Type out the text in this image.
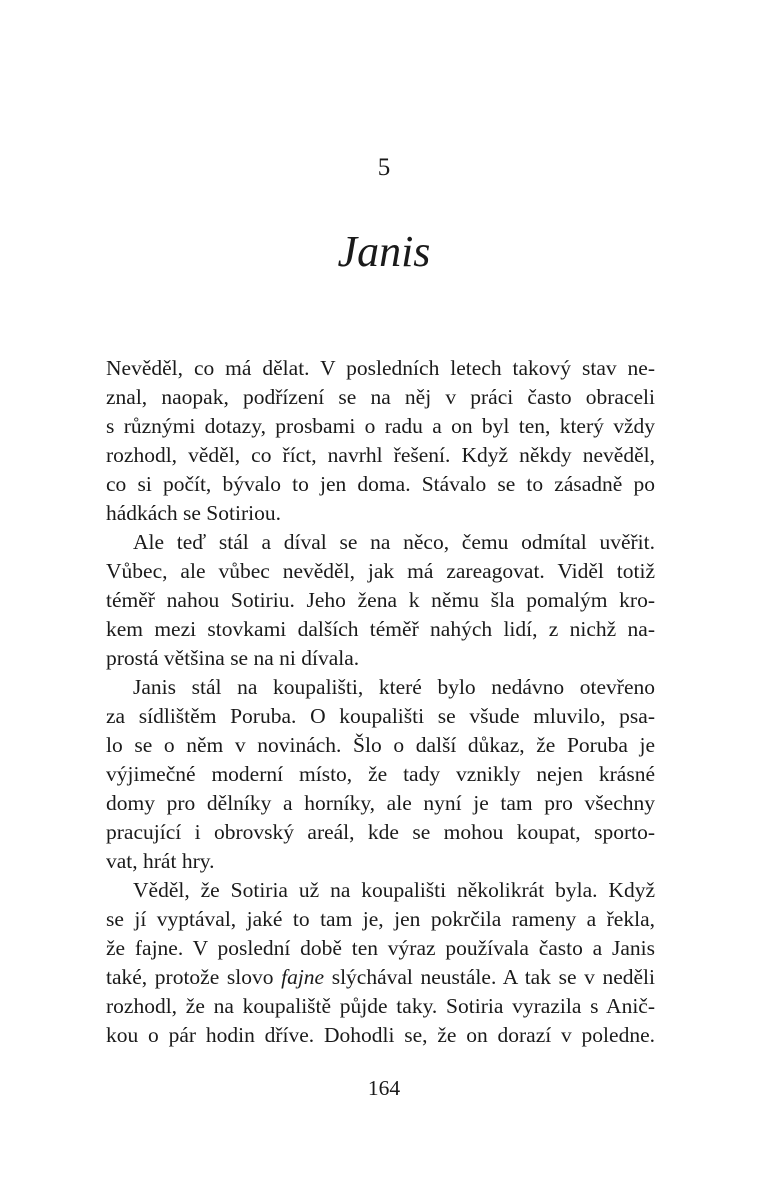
5
Janis
Nevěděl, co má dělat. V posledních letech takový stav ne-
znal, naopak, podřízení se na něj v práci často obraceli
s různými dotazy, prosbami o radu a on byl ten, který vždy
rozhodl, věděl, co říct, navrhl řešení. Když někdy nevěděl,
co si počít, bývalo to jen doma. Stávalo se to zásadně po
hádkách se Sotiriou.
Ale teď stál a díval se na něco, čemu odmítal uvěřit.
Vůbec, ale vůbec nevěděl, jak má zareagovat. Viděl totiž
téměř nahou Sotiriu. Jeho žena k němu šla pomalým kro-
kem mezi stovkami dalších téměř nahých lidí, z nichž na-
prostá většina se na ni dívala.
Janis stál na koupališti, které bylo nedávno otevřeno
za sídlištěm Poruba. O koupališti se všude mluvilo, psa-
lo se o něm v novinách. Šlo o další důkaz, že Poruba je
výjimečné moderní místo, že tady vznikly nejen krásné
domy pro dělníky a horníky, ale nyní je tam pro všechny
pracující i obrovský areál, kde se mohou koupat, sporto-
vat, hrát hry.
Věděl, že Sotiria už na koupališti několikrát byla. Když
se jí vyptával, jaké to tam je, jen pokrčila rameny a řekla,
že fajne. V poslední době ten výraz používala často a Janis
také, protože slovo fajne slýchával neustále. A tak se v neděli
rozhodl, že na koupaliště půjde taky. Sotiria vyrazila s Anič-
kou o pár hodin dříve. Dohodli se, že on dorazí v poledne.
164
